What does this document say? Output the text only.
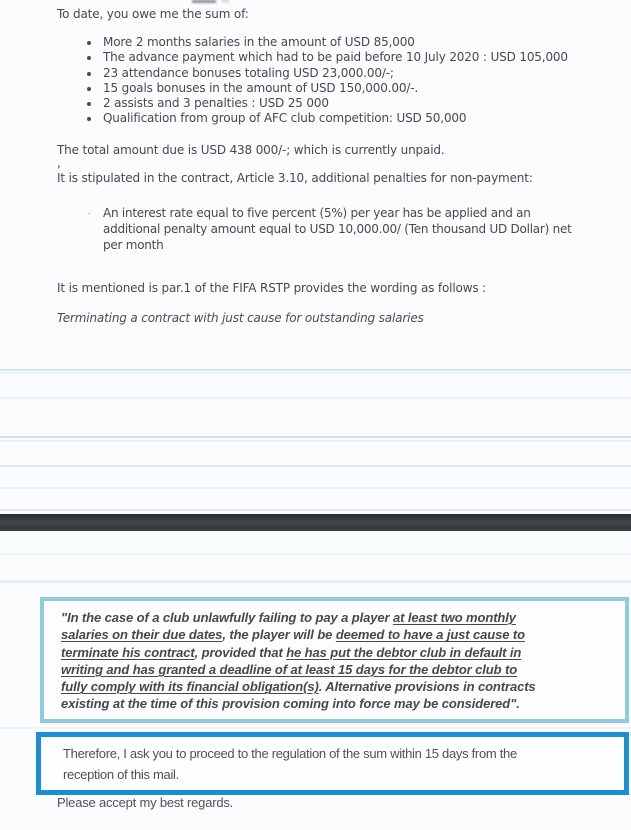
To date, you owe me the sum of:
More 2 months salaries in the amount of USD 85,000
The advance payment which had to be paid before 10 July 2020 : USD 105,000
23 attendance bonuses totaling USD 23,000.00/-;
15 goals bonuses in the amount of USD 150,000.00/-.
2 assists and 3 penalties : USD 25 000
Qualification from group of AFC club competition: USD 50,000
The total amount due is USD 438 000/-; which is currently unpaid.
,
It is stipulated in the contract, Article 3.10, additional penalties for non-payment:
- An interest rate equal to five percent (5%) per year has be applied and an
additional penalty amount equal to USD 10,000.00/ (Ten thousand UD Dollar) net
per month
It is mentioned is par.1 of the FIFA RSTP provides the wording as follows :
Terminating a contract with just cause for outstanding salaries
"In the case of a club unlawfully failing to pay a player at least two monthly
salaries on their due dates, the player will be deemed to have a just cause to
terminate his contract, provided that he has put the debtor club in default in
writing and has granted a deadline of at least 15 days for the debtor club to
fully comply with its financial obligation(s). Alternative provisions in contracts
existing at the time of this provision coming into force may be considered".
Therefore, I ask you to proceed to the regulation of the sum within 15 days from the
reception of this mail.
Please accept my best regards.
